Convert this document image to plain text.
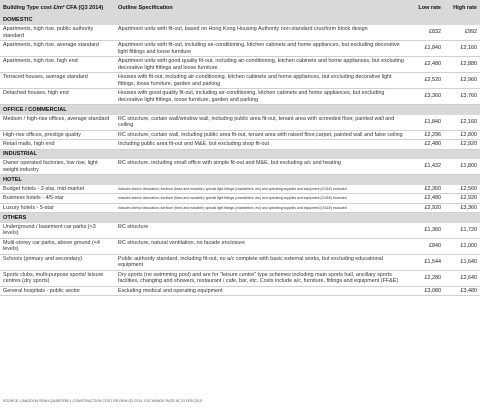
Building Type cost £/m² CFA (Q3 2014)	Outline Specification	Low rate	High rate
DOMESTIC			
Apartments, high rise, public authority standard	Apartment units with fit-out, based on Hong Kong Housing Authority non-standard cruciform block design	£832	£992
Apartments, high rise, average standard	Apartment units with fit-out, including air-conditioning, kitchen cabinets and home appliances, but excluding decorative light fittings and loose furniture	£1,840	£2,160
Apartments, high rise, high end	Apartment units with good quality fit-out, including air-conditioning, kitchen cabinets and home appliances, but excluding decorative light fittings and loose furniture	£2,480	£2,880
Terraced houses, average standard	Houses with fit-out, including air-conditioning, kitchen cabinets and home appliances, but excluding decorative light fittings, loose furniture, garden and parking	£2,520	£2,960
Detached houses, high end	Houses with good quality fit-out, including air-conditioning, kitchen cabinets and home appliances, but excluding decorative light fittings, loose furniture, garden and parking	£3,360	£3,760
OFFICE / COMMERCIAL			
Medium / high-rise offices, average standard	RC structure, curtain wall/window wall, including public area fit-out, tenant area with screeded floor, painted wall and ceiling	£1,840	£2,160
High-rise offices, prestige quality	RC structure, curtain wall, including public area fit-out, tenant area with raised floor,carpet, painted wall and false ceiling	£2,296	£2,800
Retail malls, high end	Including public area fit-out and M&E, but excluding shop fit-out	£2,480	£2,920
INDUSTRIAL			
Owner operated factories, low rise, light weight industry	RC structure, including small office with simple fit-out and M&E, but excluding a/c and heating	£1,432	£1,800
HOTEL			
Budget hotels - 3-star, mid-market	Includes interior decoration; furniture (fixed and movable); special light fittings (chandeliers, etc) and operating supplies and equipment (OS&E) excluded	£2,360	£2,560
Business hotels - 4/5-star	Includes interior decoration; furniture (fixed and movable); special light fittings (chandeliers, etc) and operating supplies and equipment (OS&E) excluded	£2,480	£2,920
Luxury hotels - 5-star	Includes interior decoration; furniture (fixed and movable); special light fittings (chandeliers, etc) and operating supplies and equipment (OS&E) excluded	£2,920	£3,360
OTHERS			
Underground / basement car parks (<3 levels)	RC structure	£1,360	£1,720
Multi-storey car parks, above ground (<4 levels)	RC structure, natural ventilation, no facade enclosure	£840	£1,000
Schools (primary and secondary)	Public authority standard, including fit-out, no a/c complete with basic external works, but excluding educational equipment	£1,544	£1,640
Sports clubs, multi-purpose sports/ leisure centres (dry sports)	Dry sports (no swimming pool) and are for "leisure centre" type schemes including main sports hall, ancillary sports facilities, changing and showers, restaurant / cafe, bar, etc. Costs include a/c, furniture, fittings and equipment (FF&E)	£2,280	£2,640
General hospitals - public sector	Excluding medical and operating equipment	£3,080	£3,480
SOURCE: LANGDON SEAH QUARTERLY CONSTRUCTION COST REVIEW Q3 2014. EXCHANGE RATE AT 23 FEB 2015
